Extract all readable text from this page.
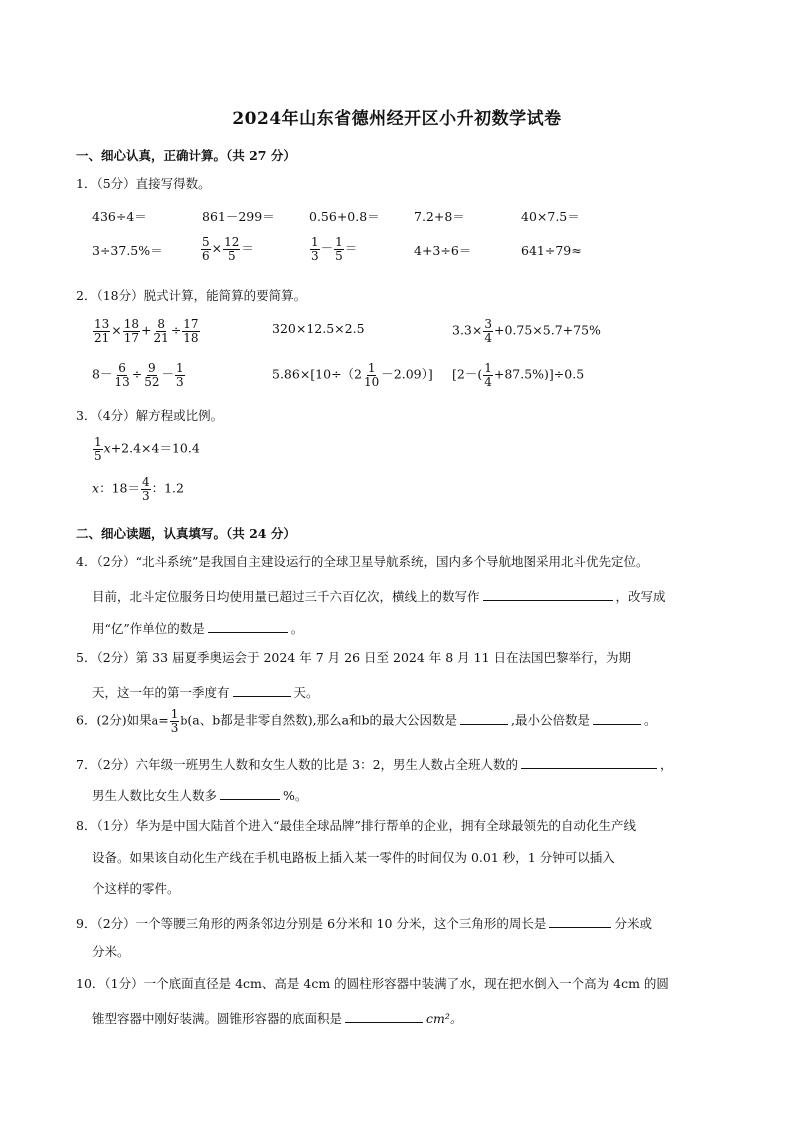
2024年山东省德州经开区小升初数学试卷
一、细心认真，正确计算。（共 27 分）
1．（5分）直接写得数。
436÷4＝	861－299＝	0.56+0.8＝	7.2+8＝	40×7.5＝
3÷37.5%＝	$\frac{5}{6} \times \frac{12}{5}$ ＝	$\frac{1}{3} - \frac{1}{5}$ ＝	4+3÷6＝	641÷79≈
2．（18分）脱式计算，能简算的要简算。
$\frac{13}{21} \times \frac{18}{17} + \frac{8}{21} \div \frac{17}{18}$	320×12.5×2.5	$3.3\times \frac{3}{4} +0.75\times 5.7+75\%$
$8- \frac{6}{13} \div \frac{9}{52} - \frac{1}{3}$	$5.86\times[10\div(2 \frac{1}{10} -2.09)]$ $[2-( \frac{1}{4} +87.5\%)]\div 0.5$
3．（4分）解方程或比例。
$\frac{1}{5} x+2.4\times 4=10.4$
x：$18= \frac{4}{3}$ ：1.2
二、细心读题，认真填写。（共 24 分）
4．（2分）“北斗系统”是我国自主建设运行的全球卫星导航系统，国内多个导航地图采用北斗优先定位。
目前，北斗定位服务日均使用量已超过三千六百亿次，横线上的数写作	，改写成
用“亿”作单位的数是	。
5．（2分）第 33 届夏季奥运会于 2024 年 7 月 26 日至 2024 年 8 月 11 日在法国巴黎举行，为期
天，这一年的第一季度有	天。
6．(2分)如果$a= \frac{1}{3} b(a$、b都是非零自然数),那么a和b的最大公因数是	,最小公倍数是	。
7．（2分）六年级一班男生人数和女生人数的比是 3：2，男生人数占全班人数的	，
男生人数比女生人数多	%。
8．（1分）华为是中国大陆首个进入“最佳全球品牌”排行帮单的企业，拥有全球最领先的自动化生产线
设备。如果该自动化生产线在手机电路板上插入某一零件的时间仅为 0.01 秒，1 分钟可以插入
个这样的零件。
9．（2分）一个等腰三角形的两条邻边分别是 6分米和 10 分米，这个三角形的周长是	分米或
分米。
10．（1分）一个底面直径是 4cm、高是 4cm 的圆柱形容器中装满了水，现在把水倒入一个高为 4cm 的圆
锥型容器中刚好装满。圆锥形容器的底面积是	cm²。
